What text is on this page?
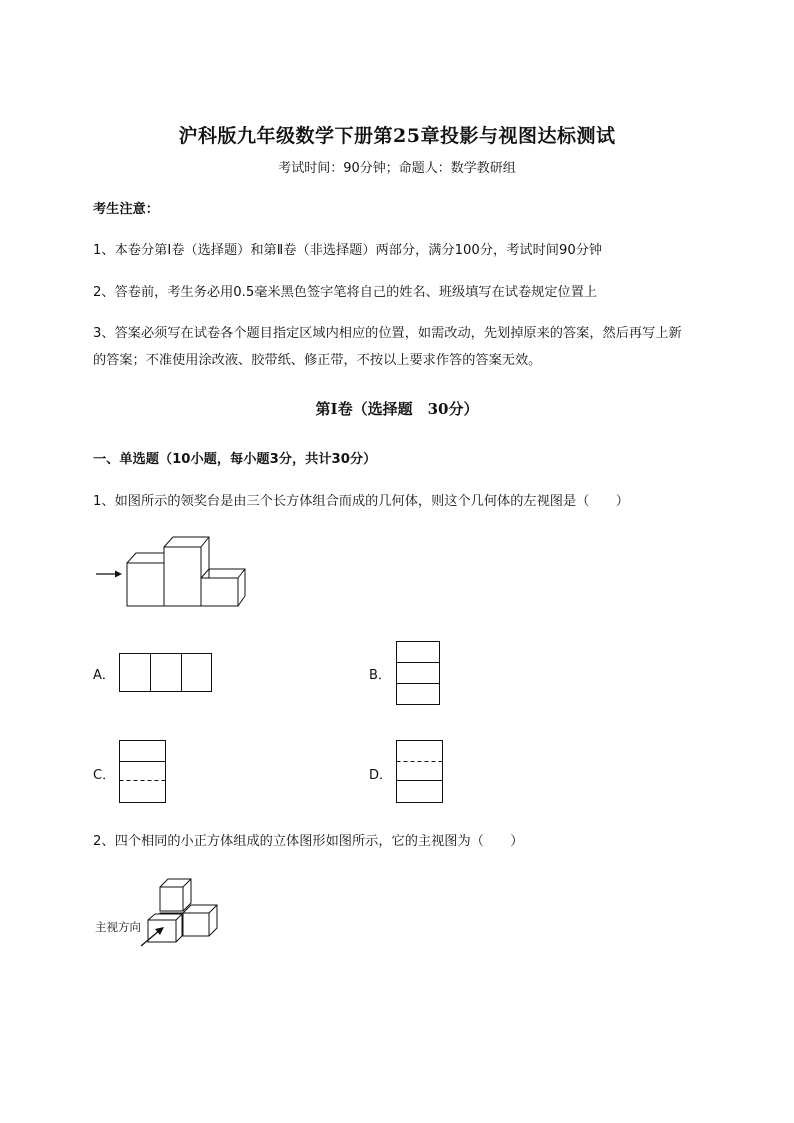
沪科版九年级数学下册第25章投影与视图达标测试
考试时间：90分钟；命题人：数学教研组
考生注意：
1、本卷分第I卷（选择题）和第Ⅱ卷（非选择题）两部分，满分100分，考试时间90分钟
2、答卷前，考生务必用0.5毫米黑色签字笔将自己的姓名、班级填写在试卷规定位置上
3、答案必须写在试卷各个题目指定区域内相应的位置，如需改动，先划掉原来的答案，然后再写上新
的答案；不准使用涂改液、胶带纸、修正带，不按以上要求作答的答案无效。
第I卷（选择题　30分）
一、单选题（10小题，每小题3分，共计30分）
1、如图所示的领奖台是由三个长方体组合而成的几何体，则这个几何体的左视图是（　　）
A．	B．
C．	D．
2、四个相同的小正方体组成的立体图形如图所示，它的主视图为（　　）
主视方向
